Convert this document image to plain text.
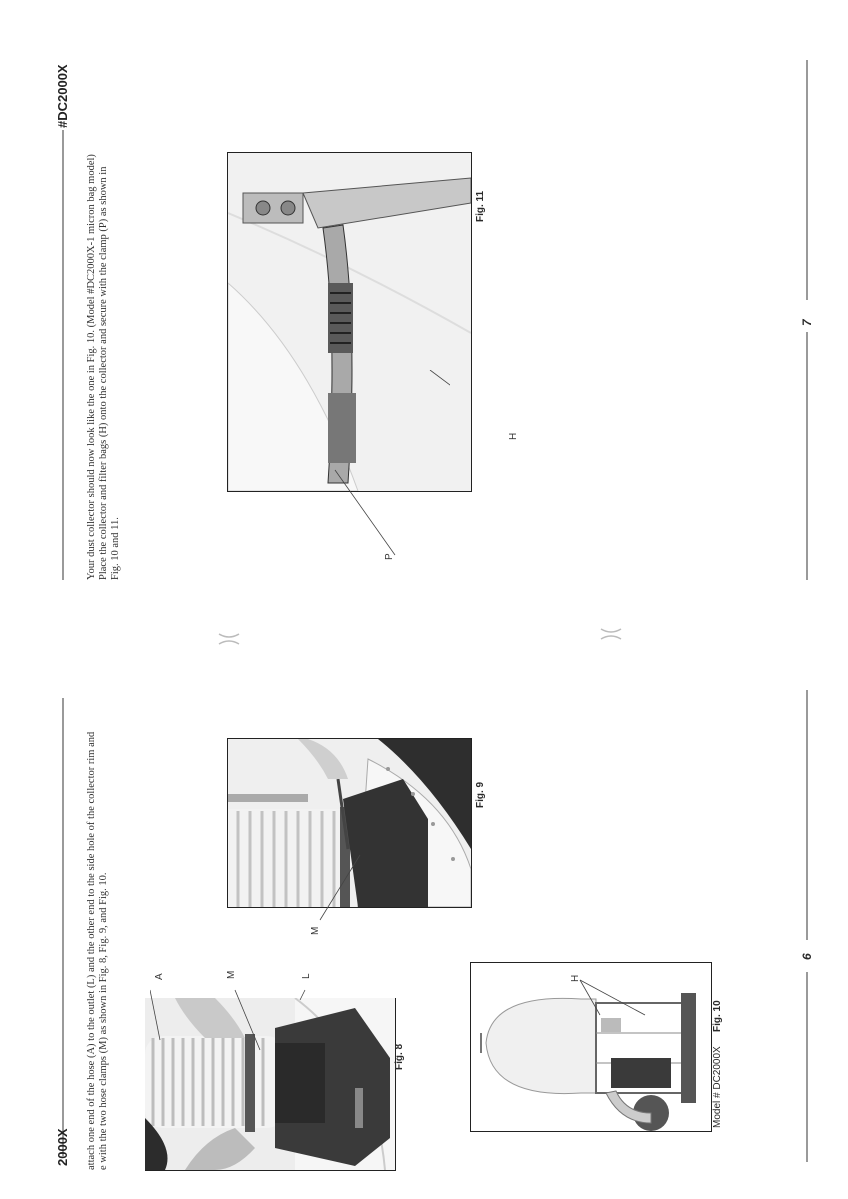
2000X attach one end of the hose (A) to the outlet (L) and the other end to the side hole of the collector rim and e with the two hose clamps (M) as shown in Fig. 8, Fig. 9, and Fig. 10.	A	M	L
Fig. 8
M
Fig. 9
H
Model # DC2000X
Fig. 10
6
#DC2000X
Your dust collector should now look like the one in Fig. 10. (Model #DC2000X-1 micron bag model) Place the collector and filter bags (H) onto the collector and secure with the clamp (P) as shown in Fig. 10 and 11.
H
P
Fig. 11
7
